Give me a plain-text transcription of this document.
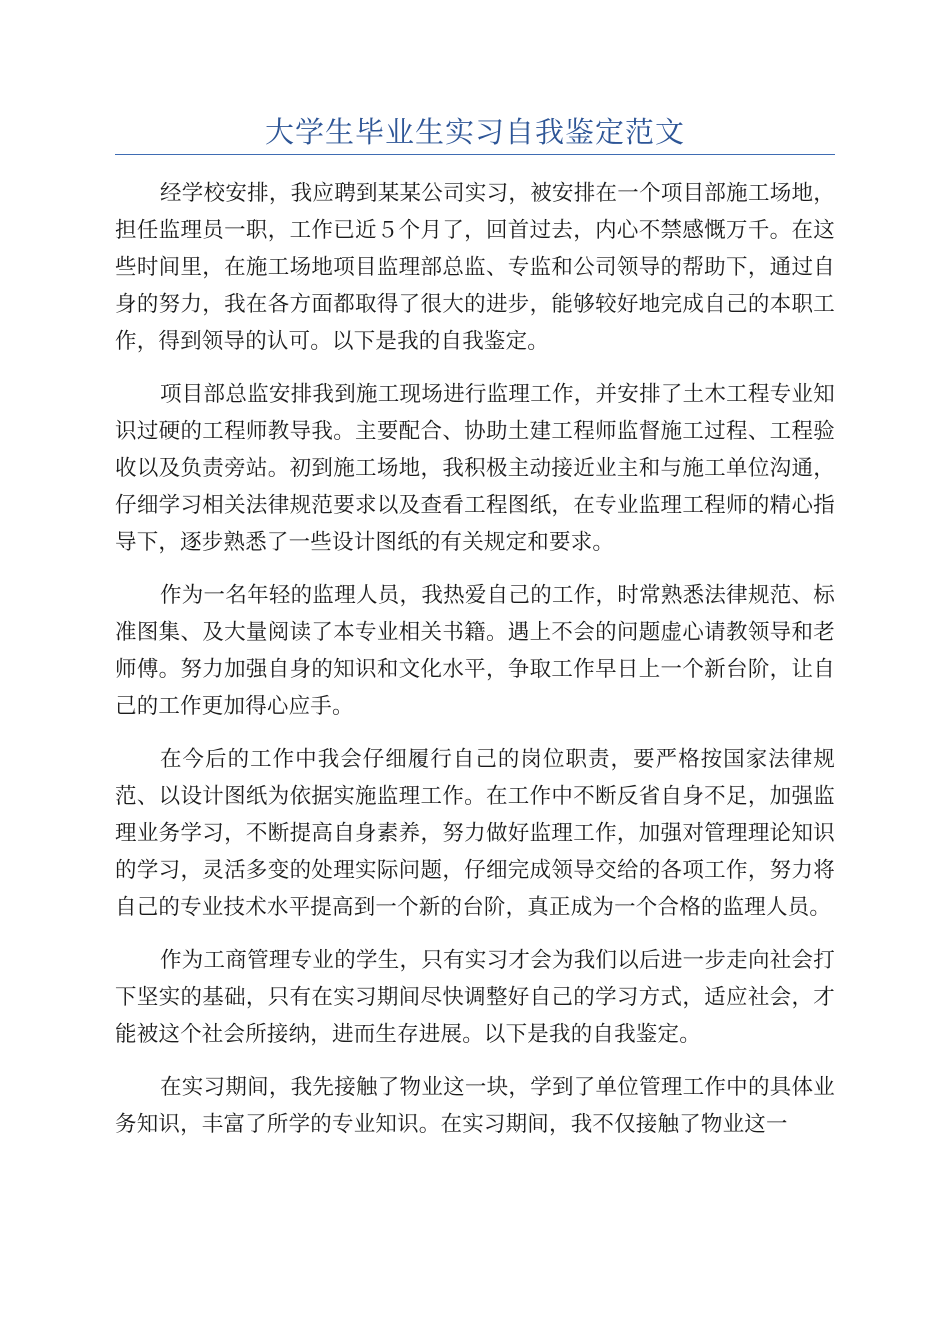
大学生毕业生实习自我鉴定范文

经学校安排，我应聘到某某公司实习，被安排在一个项目部施工场地，担任监理员一职，工作已近５个月了，回首过去，内心不禁感慨万千。在这些时间里，在施工场地项目监理部总监、专监和公司领导的帮助下，通过自身的努力，我在各方面都取得了很大的进步，能够较好地完成自己的本职工作，得到领导的认可。以下是我的自我鉴定。

项目部总监安排我到施工现场进行监理工作，并安排了土木工程专业知识过硬的工程师教导我。主要配合、协助土建工程师监督施工过程、工程验收以及负责旁站。初到施工场地，我积极主动接近业主和与施工单位沟通，仔细学习相关法律规范要求以及查看工程图纸，在专业监理工程师的精心指导下，逐步熟悉了一些设计图纸的有关规定和要求。

作为一名年轻的监理人员，我热爱自己的工作，时常熟悉法律规范、标准图集、及大量阅读了本专业相关书籍。遇上不会的问题虚心请教领导和老师傅。努力加强自身的知识和文化水平，争取工作早日上一个新台阶，让自己的工作更加得心应手。

在今后的工作中我会仔细履行自己的岗位职责，要严格按国家法律规范、以设计图纸为依据实施监理工作。在工作中不断反省自身不足，加强监理业务学习，不断提高自身素养，努力做好监理工作，加强对管理理论知识的学习，灵活多变的处理实际问题，仔细完成领导交给的各项工作，努力将自己的专业技术水平提高到一个新的台阶，真正成为一个合格的监理人员。

作为工商管理专业的学生，只有实习才会为我们以后进一步走向社会打下坚实的基础，只有在实习期间尽快调整好自己的学习方式，适应社会，才能被这个社会所接纳，进而生存进展。以下是我的自我鉴定。

在实习期间，我先接触了物业这一块，学到了单位管理工作中的具体业务知识，丰富了所学的专业知识。在实习期间，我不仅接触了物业这一
